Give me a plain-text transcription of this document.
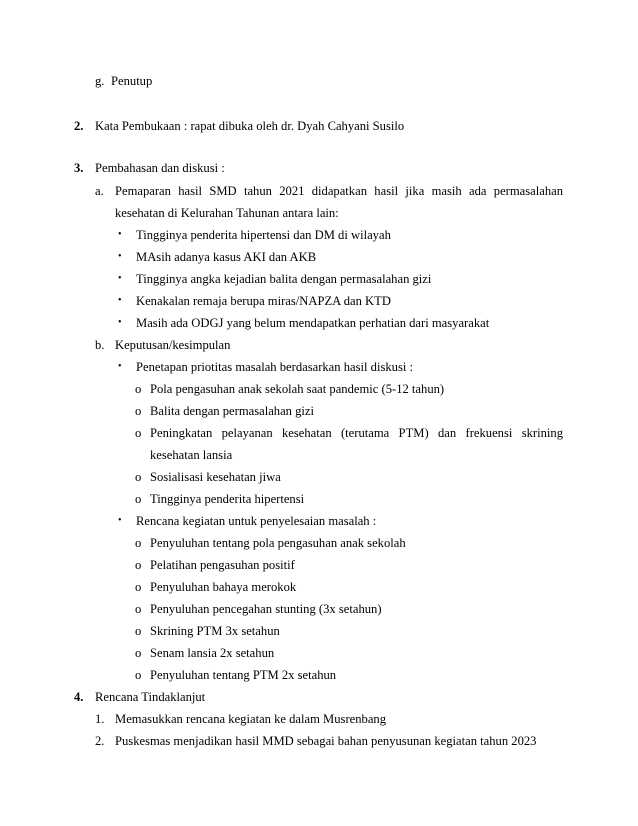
g. Penutup
2. Kata Pembukaan : rapat dibuka oleh dr. Dyah Cahyani Susilo
3. Pembahasan dan diskusi :
a. Pemaparan hasil SMD tahun 2021 didapatkan hasil jika masih ada permasalahan
kesehatan di Kelurahan Tahunan antara lain:
• Tingginya penderita hipertensi dan DM di wilayah
• MAsih adanya kasus AKI dan AKB
• Tingginya angka kejadian balita dengan permasalahan gizi
• Kenakalan remaja berupa miras/NAPZA dan KTD
• Masih ada ODGJ yang belum mendapatkan perhatian dari masyarakat
b. Keputusan/kesimpulan
• Penetapan priotitas masalah berdasarkan hasil diskusi :
o Pola pengasuhan anak sekolah saat pandemic (5-12 tahun)
o Balita dengan permasalahan gizi
o Peningkatan pelayanan kesehatan (terutama PTM) dan frekuensi skrining
kesehatan lansia
o Sosialisasi kesehatan jiwa
o Tingginya penderita hipertensi
• Rencana kegiatan untuk penyelesaian masalah :
o Penyuluhan tentang pola pengasuhan anak sekolah
o Pelatihan pengasuhan positif
o Penyuluhan bahaya merokok
o Penyuluhan pencegahan stunting (3x setahun)
o Skrining PTM 3x setahun
o Senam lansia 2x setahun
o Penyuluhan tentang PTM 2x setahun
4. Rencana Tindaklanjut
1. Memasukkan rencana kegiatan ke dalam Musrenbang
2. Puskesmas menjadikan hasil MMD sebagai bahan penyusunan kegiatan tahun 2023
